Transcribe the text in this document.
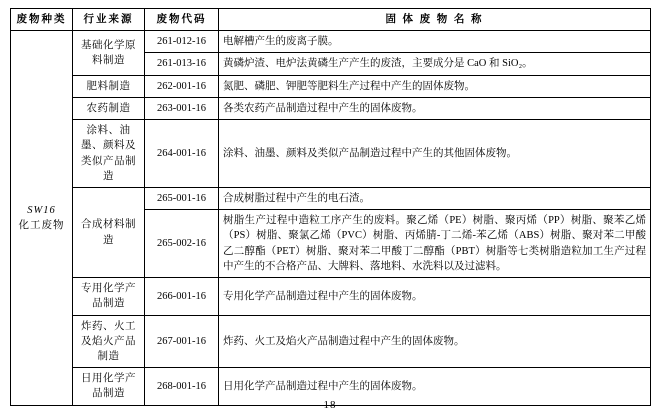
废物种类	行业来源	废物代码	固 体 废 物 名 称

SW16
化工废物	基础化学原料制造	261-012-16	电解槽产生的废离子膜。
		261-013-16	黄磷炉渣、电炉法黄磷生产产生的废渣，主要成分是 CaO 和 SiO₂。
	肥料制造	262-001-16	氮肥、磷肥、钾肥等肥料生产过程中产生的固体废物。
	农药制造	263-001-16	各类农药产品制造过程中产生的固体废物。
	涂料、油墨、颜料及类似产品制造	264-001-16	涂料、油墨、颜料及类似产品制造过程中产生的其他固体废物。
	合成材料制造	265-001-16	合成树脂过程中产生的电石渣。
		265-002-16	树脂生产过程中造粒工序产生的废料。聚乙烯（PE）树脂、聚丙烯（PP）树脂、聚苯乙烯（PS）树脂、聚氯乙烯（PVC）树脂、丙烯腈-丁二烯-苯乙烯（ABS）树脂、聚对苯二甲酸乙二醇酯（PET）树脂、聚对苯二甲酸丁二醇酯（PBT）树脂等七类树脂造粒加工生产过程中产生的不合格产品、大牌料、落地料、水洗料以及过滤料。
	专用化学产品制造	266-001-16	专用化学产品制造过程中产生的固体废物。
	炸药、火工及焰火产品制造	267-001-16	炸药、火工及焰火产品制造过程中产生的固体废物。
	日用化学产品制造	268-001-16	日用化学产品制造过程中产生的固体废物。
— 18 —
